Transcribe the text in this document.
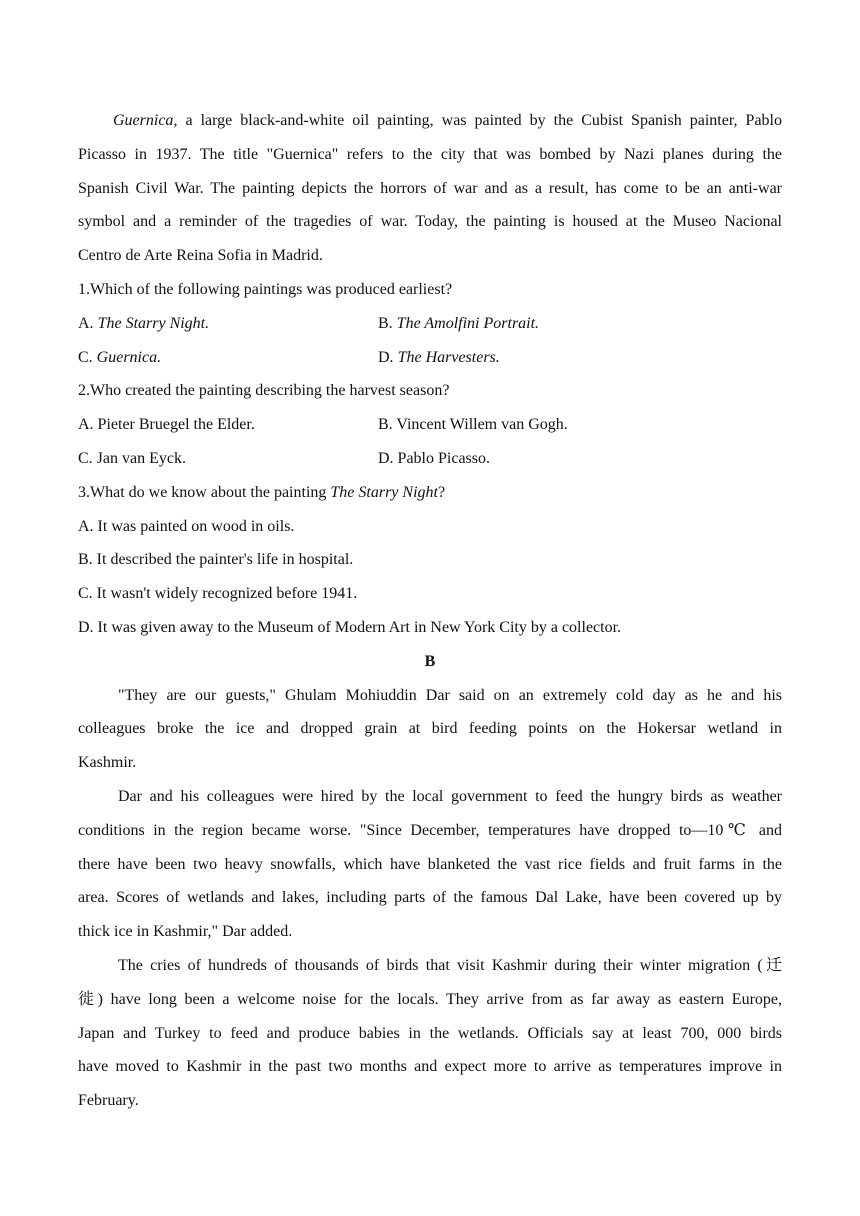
Guernica, a large black-and-white oil painting, was painted by the Cubist Spanish painter, Pablo
Picasso in 1937. The title "Guernica" refers to the city that was bombed by Nazi planes during the
Spanish Civil War. The painting depicts the horrors of war and as a result, has come to be an anti-war
symbol and a reminder of the tragedies of war. Today, the painting is housed at the Museo Nacional
Centro de Arte Reina Sofia in Madrid.
1.Which of the following paintings was produced earliest?
A. The Starry Night.	B. The Amolfini Portrait.
C. Guernica.	D. The Harvesters.
2.Who created the painting describing the harvest season?
A. Pieter Bruegel the Elder.	B. Vincent Willem van Gogh.
C. Jan van Eyck.	D. Pablo Picasso.
3.What do we know about the painting The Starry Night?
A. It was painted on wood in oils.
B. It described the painter's life in hospital.
C. It wasn't widely recognized before 1941.
D. It was given away to the Museum of Modern Art in New York City by a collector.
B
"They are our guests," Ghulam Mohiuddin Dar said on an extremely cold day as he and his
colleagues broke the ice and dropped grain at bird feeding points on the Hokersar wetland in
Kashmir.
Dar and his colleagues were hired by the local government to feed the hungry birds as weather
conditions in the region became worse. "Since December, temperatures have dropped to—10℃ and
there have been two heavy snowfalls, which have blanketed the vast rice fields and fruit farms in the
area. Scores of wetlands and lakes, including parts of the famous Dal Lake, have been covered up by
thick ice in Kashmir," Dar added.
The cries of hundreds of thousands of birds that visit Kashmir during their winter migration (迁
徙) have long been a welcome noise for the locals. They arrive from as far away as eastern Europe,
Japan and Turkey to feed and produce babies in the wetlands. Officials say at least 700, 000 birds
have moved to Kashmir in the past two months and expect more to arrive as temperatures improve in
February.
